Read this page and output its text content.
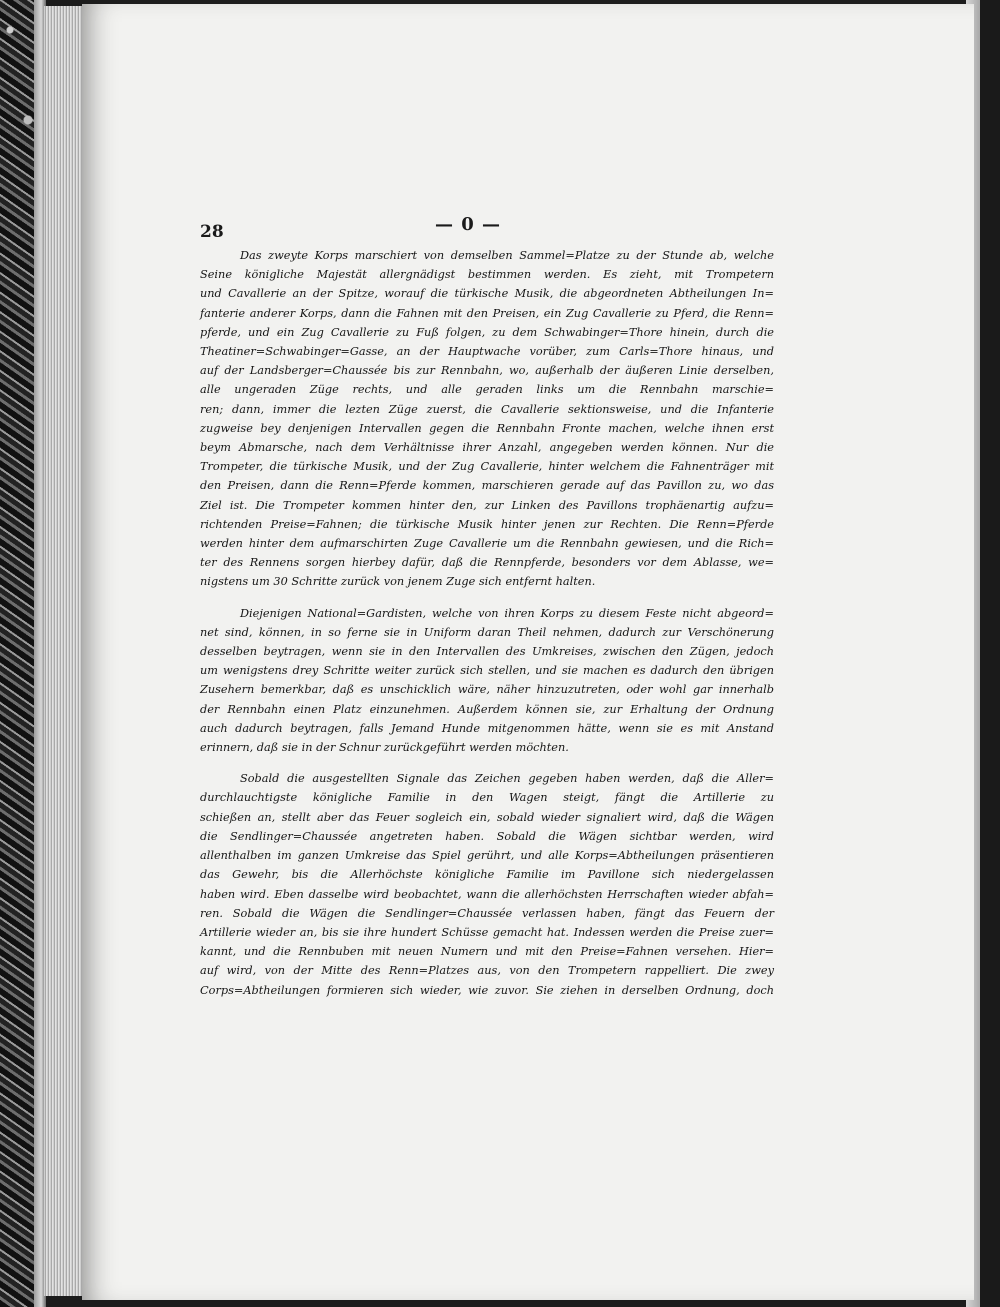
28	— 0 —

Das zweyte Korps marschiert von demselben Sammel=Platze zu der Stunde ab, welche
Seine königliche Majestät allergnädigst bestimmen werden. Es zieht, mit Trompetern
und Cavallerie an der Spitze, worauf die türkische Musik, die abgeordneten Abtheilungen In=
fanterie anderer Korps, dann die Fahnen mit den Preisen, ein Zug Cavallerie zu Pferd, die Renn=
pferde, und ein Zug Cavallerie zu Fuß folgen, zu dem Schwabinger=Thore hinein, durch die
Theatiner=Schwabinger=Gasse, an der Hauptwache vorüber, zum Carls=Thore hinaus, und
auf der Landsberger=Chaussée bis zur Rennbahn, wo, außerhalb der äußeren Linie derselben,
alle ungeraden Züge rechts, und alle geraden links um die Rennbahn marschie=
ren; dann, immer die lezten Züge zuerst, die Cavallerie sektionsweise, und die Infanterie
zugweise bey denjenigen Intervallen gegen die Rennbahn Fronte machen, welche ihnen erst
beym Abmarsche, nach dem Verhältnisse ihrer Anzahl, angegeben werden können. Nur die
Trompeter, die türkische Musik, und der Zug Cavallerie, hinter welchem die Fahnenträger mit
den Preisen, dann die Renn=Pferde kommen, marschieren gerade auf das Pavillon zu, wo das
Ziel ist. Die Trompeter kommen hinter den, zur Linken des Pavillons trophäenartig aufzu=
richtenden Preise=Fahnen; die türkische Musik hinter jenen zur Rechten. Die Renn=Pferde
werden hinter dem aufmarschirten Zuge Cavallerie um die Rennbahn gewiesen, und die Rich=
ter des Rennens sorgen hierbey dafür, daß die Rennpferde, besonders vor dem Ablasse, we=
nigstens um 30 Schritte zurück von jenem Zuge sich entfernt halten.

Diejenigen National=Gardisten, welche von ihren Korps zu diesem Feste nicht abgeord=
net sind, können, in so ferne sie in Uniform daran Theil nehmen, dadurch zur Verschönerung
desselben beytragen, wenn sie in den Intervallen des Umkreises, zwischen den Zügen, jedoch
um wenigstens drey Schritte weiter zurück sich stellen, und sie machen es dadurch den übrigen
Zusehern bemerkbar, daß es unschicklich wäre, näher hinzuzutreten, oder wohl gar innerhalb
der Rennbahn einen Platz einzunehmen. Außerdem können sie, zur Erhaltung der Ordnung
auch dadurch beytragen, falls Jemand Hunde mitgenommen hätte, wenn sie es mit Anstand
erinnern, daß sie in der Schnur zurückgeführt werden möchten.

Sobald die ausgestellten Signale das Zeichen gegeben haben werden, daß die Aller=
durchlauchtigste königliche Familie in den Wagen steigt, fängt die Artillerie zu
schießen an, stellt aber das Feuer sogleich ein, sobald wieder signaliert wird, daß die Wägen
die Sendlinger=Chaussée angetreten haben. Sobald die Wägen sichtbar werden, wird
allenthalben im ganzen Umkreise das Spiel gerührt, und alle Korps=Abtheilungen präsentieren
das Gewehr, bis die Allerhöchste königliche Familie im Pavillone sich niedergelassen
haben wird. Eben dasselbe wird beobachtet, wann die allerhöchsten Herrschaften wieder abfah=
ren. Sobald die Wägen die Sendlinger=Chaussée verlassen haben, fängt das Feuern der
Artillerie wieder an, bis sie ihre hundert Schüsse gemacht hat. Indessen werden die Preise zuer=
kannt, und die Rennbuben mit neuen Numern und mit den Preise=Fahnen versehen. Hier=
auf wird, von der Mitte des Renn=Platzes aus, von den Trompetern rappelliert. Die zwey
Corps=Abtheilungen formieren sich wieder, wie zuvor. Sie ziehen in derselben Ordnung, doch
